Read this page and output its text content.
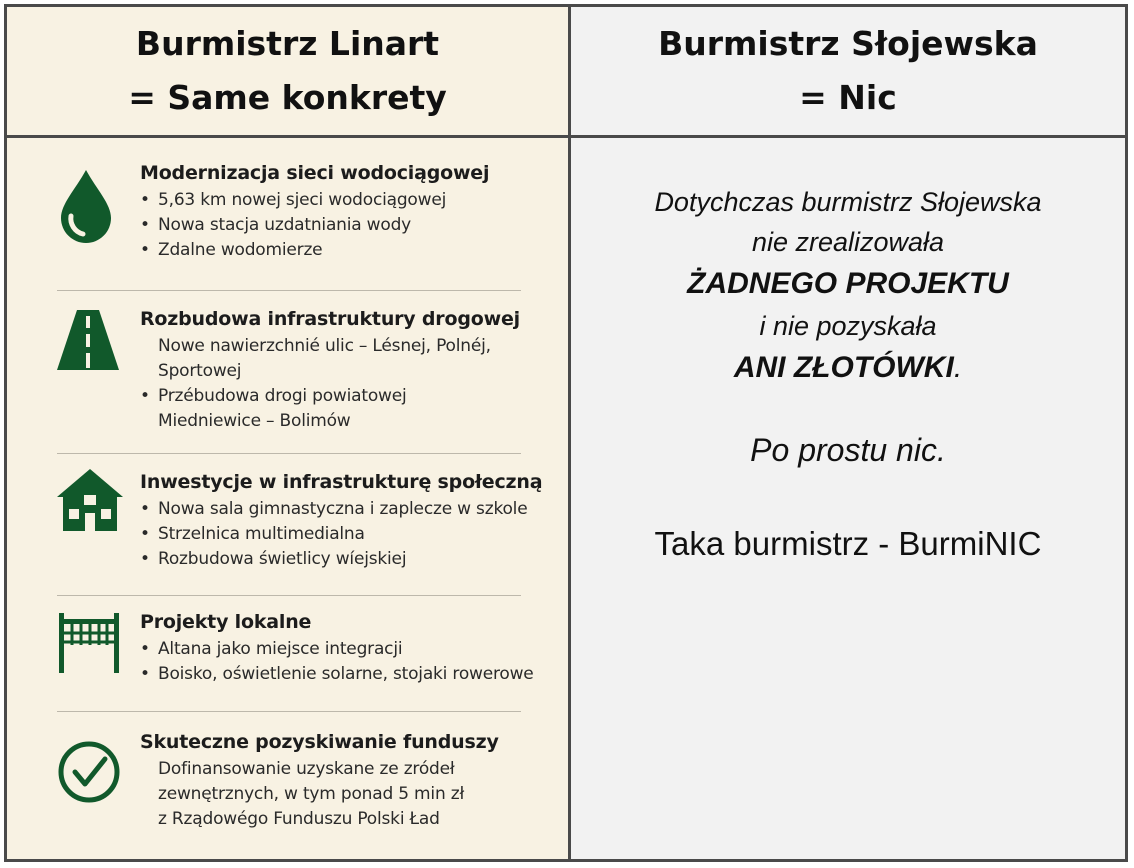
Burmistrz Linart
= Same konkrety
Modernizacja sieci wodociągowej
• 5,63 km nowej sjeci wodociągowej
• Nowa stacja uzdatniania wody
• Zdalne wodomierze
Rozbudowa infrastruktury drogowej
Nowe nawierzchnié ulic – Lésnej, Polnéj,
Sportowej
• Przébudowa drogi powiatowej
Miedniewice – Bolimów
Inwestycje w infrastrukturę społeczną
• Nowa sala gimnastyczna i zaplecze w szkole
• Strzelnica multimedialna
• Rozbudowa świetlicy wíejskiej
Projekty lokalne
• Altana jako miejsce integracji
• Boisko, oświetlenie solarne, stojaki rowerowe
Skuteczne pozyskiwanie funduszy
Dofinansowanie uzyskane ze zródeł
zewnętrznych, w tym ponad 5 min zł
z Rządowégo Funduszu Polski Ład
Burmistrz Słojewska
= Nic
Dotychczas burmistrz Słojewska
nie zrealizowała
ŻADNEGO PROJEKTU
i nie pozyskała
ANI ZŁOTÓWKI.
Po prostu nic.
Taka burmistrz - BurmiNIC
